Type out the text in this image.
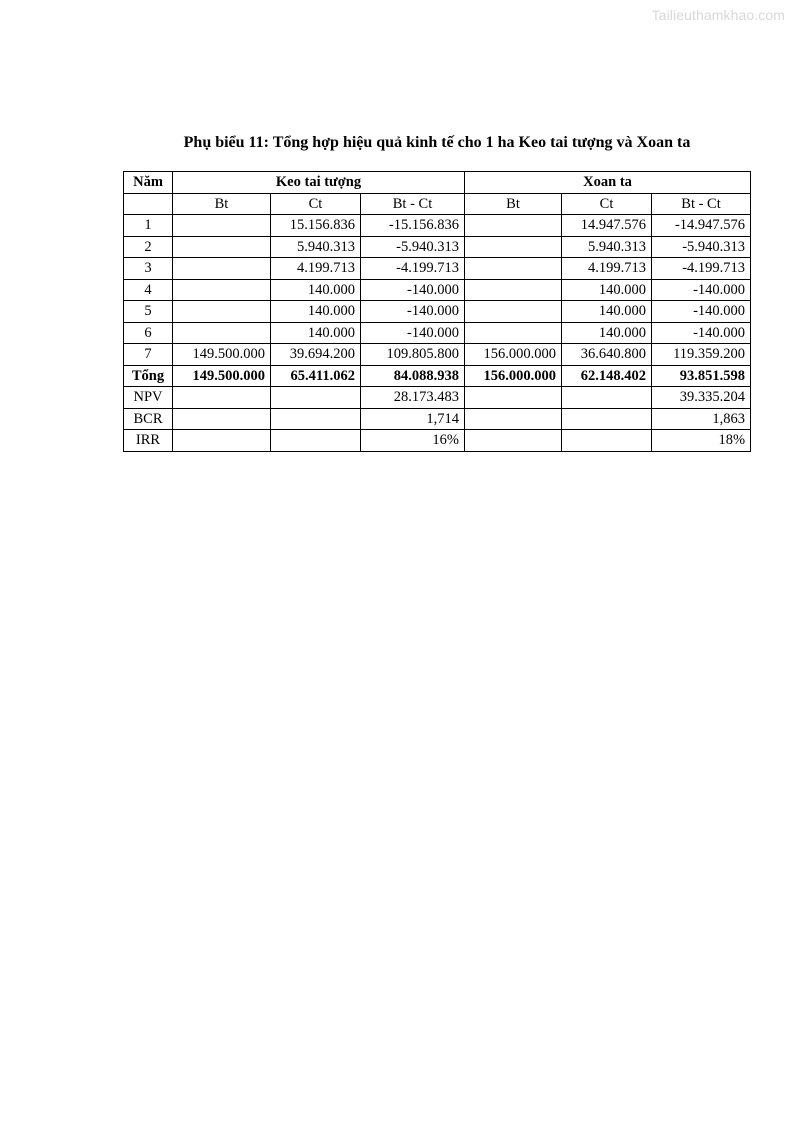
Tailieuthamkhao.com
Phụ biểu 11: Tổng hợp hiệu quả kinh tế cho 1 ha Keo tai tượng và Xoan ta
Năm	Keo tai tượng			Xoan ta		
	Bt	Ct	Bt - Ct	Bt	Ct	Bt - Ct
1		15.156.836	-15.156.836		14.947.576	-14.947.576
2		5.940.313	-5.940.313		5.940.313	-5.940.313
3		4.199.713	-4.199.713		4.199.713	-4.199.713
4		140.000	-140.000		140.000	-140.000
5		140.000	-140.000		140.000	-140.000
6		140.000	-140.000		140.000	-140.000
7	149.500.000	39.694.200	109.805.800	156.000.000	36.640.800	119.359.200
Tổng	149.500.000	65.411.062	84.088.938	156.000.000	62.148.402	93.851.598
NPV			28.173.483			39.335.204
BCR			1,714			1,863
IRR			16%			18%
